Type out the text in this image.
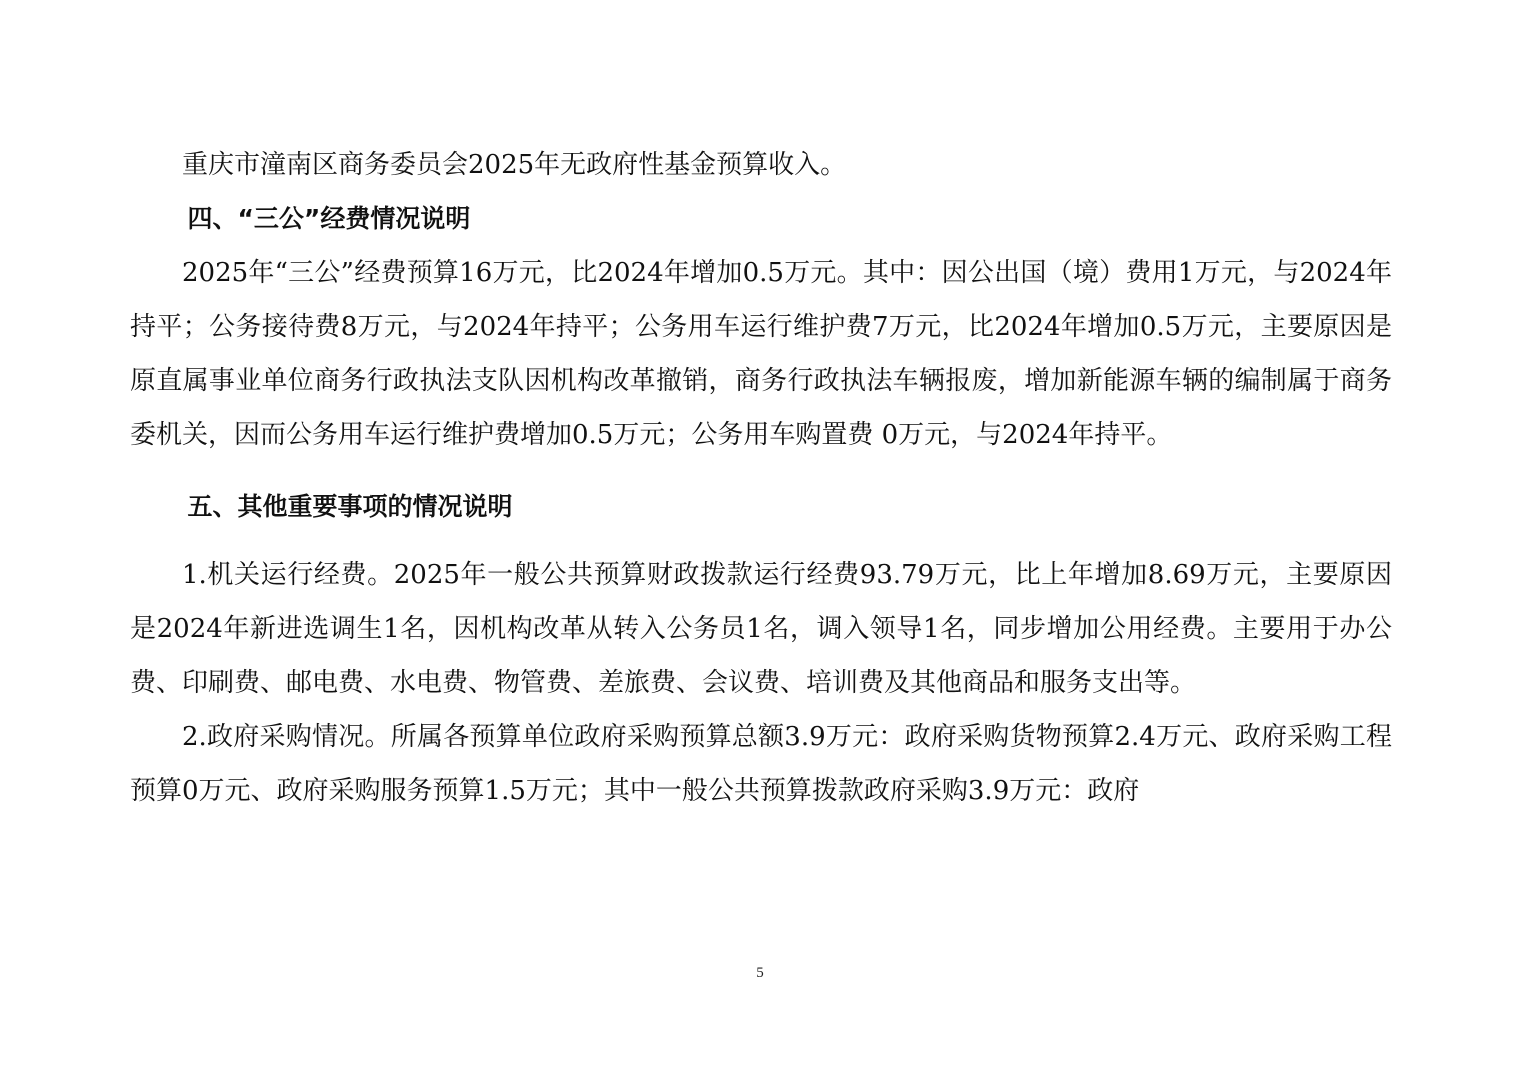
重庆市潼南区商务委员会2025年无政府性基金预算收入。

四、“三公”经费情况说明

2025年“三公”经费预算16万元，比2024年增加0.5万元。其中：因公出国（境）费用1万元，与2024年持平；公务接待费8万元，与2024年持平；公务用车运行维护费7万元，比2024年增加0.5万元，主要原因是原直属事业单位商务行政执法支队因机构改革撤销，商务行政执法车辆报废，增加新能源车辆的编制属于商务委机关，因而公务用车运行维护费增加0.5万元；公务用车购置费 0万元，与2024年持平。

五、其他重要事项的情况说明

1.机关运行经费。2025年一般公共预算财政拨款运行经费93.79万元，比上年增加8.69万元，主要原因是2024年新进选调生1名，因机构改革从转入公务员1名，调入领导1名，同步增加公用经费。主要用于办公费、印刷费、邮电费、水电费、物管费、差旅费、会议费、培训费及其他商品和服务支出等。

2.政府采购情况。所属各预算单位政府采购预算总额3.9万元：政府采购货物预算2.4万元、政府采购工程预算0万元、政府采购服务预算1.5万元；其中一般公共预算拨款政府采购3.9万元：政府

5
